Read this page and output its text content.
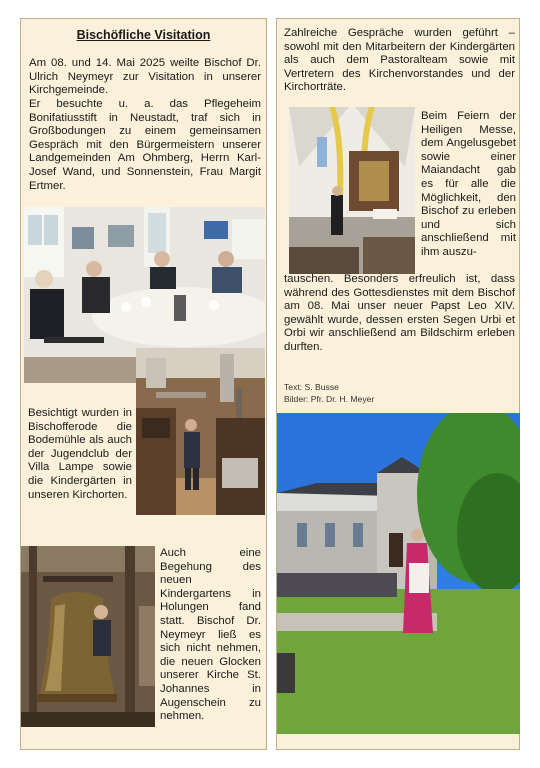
Bischöfliche Visitation

Am 08. und 14. Mai 2025 weilte Bischof Dr. Ulrich Neymeyr zur Visitation in unserer Kirchgemeinde.

Er besuchte u. a. das Pflegeheim Bonifatiusstift in Neustadt, traf sich in Großbodungen zu einem gemeinsamen Gespräch mit den Bürgermeistern unserer Landgemeinden Am Ohmberg, Herrn Karl-Josef Wand, und Sonnenstein, Frau Margit Ertmer.

Besichtigt wurden in Bischofferode die Bodemühle als auch der Jugendclub der Villa Lampe sowie die Kindergärten in unseren Kirchorten.

Auch eine Begehung des neuen Kindergartens in Holungen fand statt. Bischof Dr. Neymeyr ließ es sich nicht nehmen, die neuen Glocken unserer Kirche St. Johannes in Augenschein zu nehmen.

Zahlreiche Gespräche wurden geführt – sowohl mit den Mitarbeitern der Kindergärten als auch dem Pastoralteam sowie mit Vertretern des Kirchenvorstandes und der Kirchorträte.

Beim Feiern der Heiligen Messe, dem Angelusgebet sowie einer Maiandacht gab es für alle die Möglichkeit, den Bischof zu erleben und sich anschließend mit ihm auszu-

tauschen. Besonders erfreulich ist, dass während des Gottesdienstes mit dem Bischof am 08. Mai unser neuer Papst Leo XIV. gewählt wurde, dessen ersten Segen Urbi et Orbi wir anschließend am Bildschirm erleben durften.

Text: S. Busse
Bilder: Pfr. Dr. H. Meyer
